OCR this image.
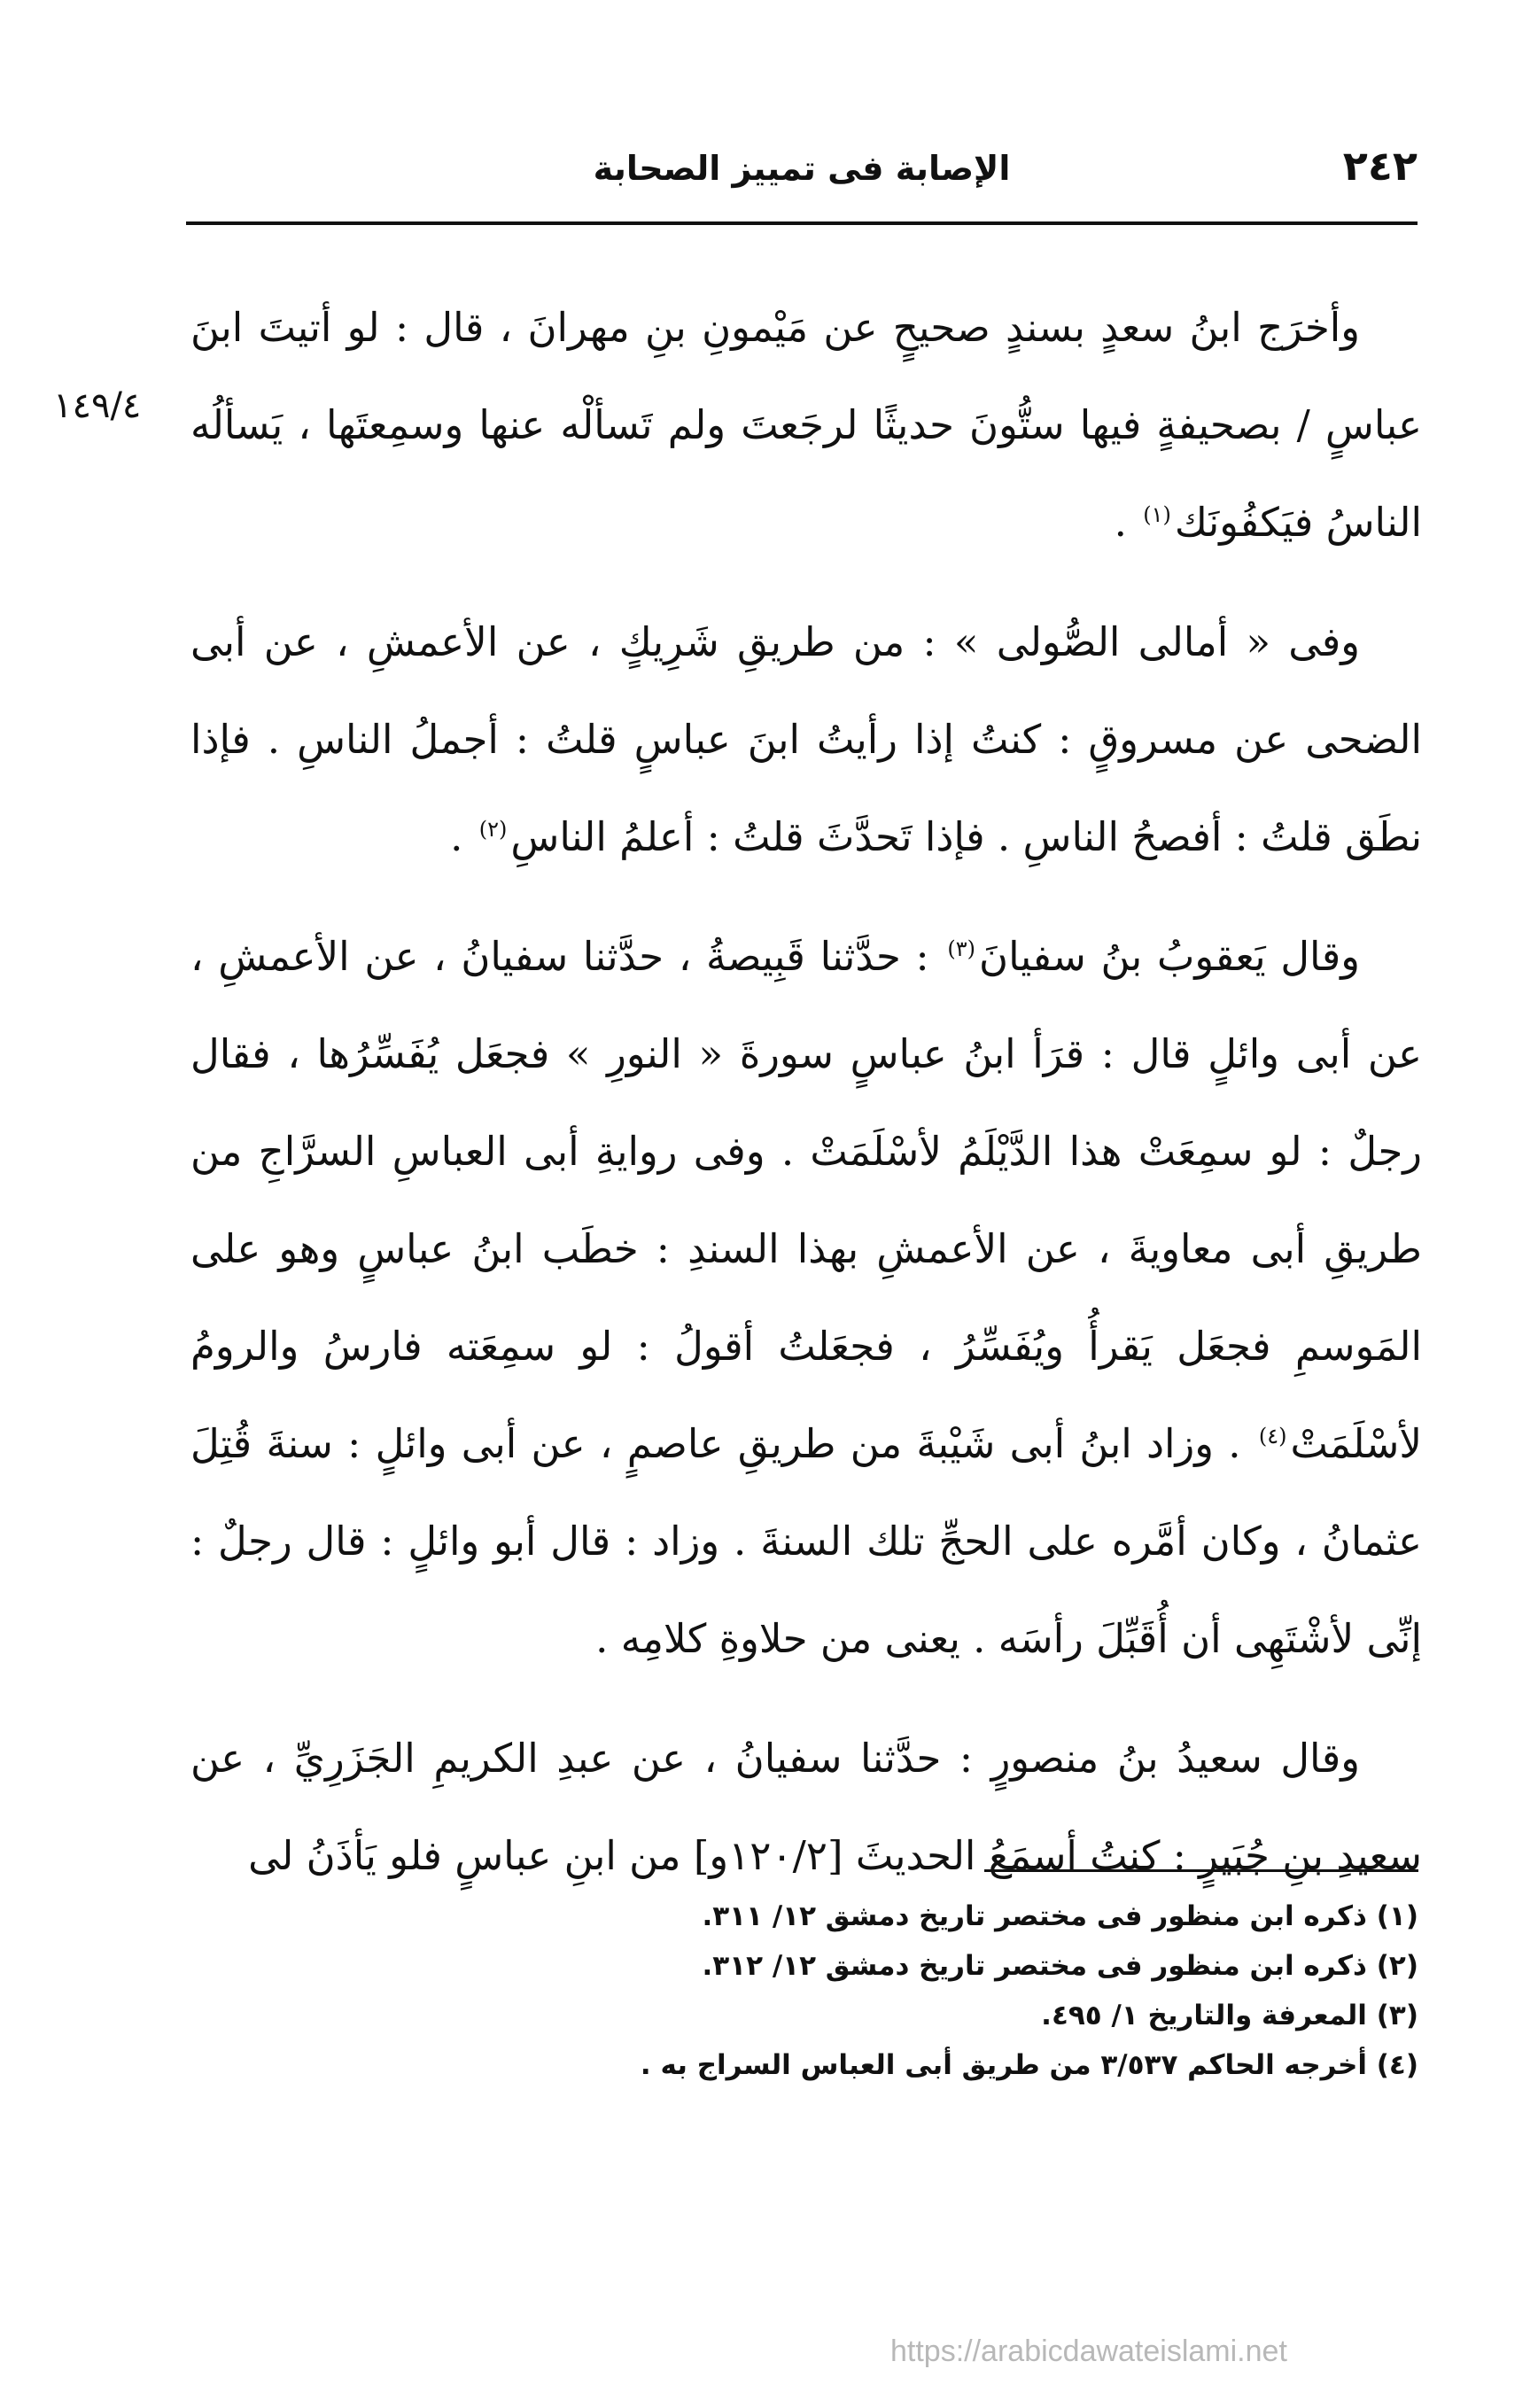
٢٤٢
الإصابة فى تمييز الصحابة
١٤٩/٤

وأخرَج ابنُ سعدٍ بسندٍ صحيحٍ عن مَيْمونِ بنِ مهرانَ ، قال : لو أتيتَ ابنَ عباسٍ / بصحيفةٍ فيها ستُّونَ حديثًا لرجَعتَ ولم تَسألْه عنها وسمِعتَها ، يَسألُه الناسُ فيَكفُونَك$^{(١)}$ .

وفى « أمالى الصُّولى » : من طريقِ شَرِيكٍ ، عن الأعمشِ ، عن أبى الضحى عن مسروقٍ : كنتُ إذا رأيتُ ابنَ عباسٍ قلتُ : أجملُ الناسِ . فإذا نطَق قلتُ : أفصحُ الناسِ . فإذا تَحدَّثَ قلتُ : أعلمُ الناسِ$^{(٢)}$ .

وقال يَعقوبُ بنُ سفيانَ$^{(٣)}$ : حدَّثنا قَبِيصةُ ، حدَّثنا سفيانُ ، عن الأعمشِ ، عن أبى وائلٍ قال : قرَأ ابنُ عباسٍ سورةَ « النورِ » فجعَل يُفَسِّرُها ، فقال رجلٌ : لو سمِعَتْ هذا الدَّيْلَمُ لأسْلَمَتْ . وفى روايةِ أبى العباسِ السرَّاجِ من طريقِ أبى معاويةَ ، عن الأعمشِ بهذا السندِ : خطَب ابنُ عباسٍ وهو على المَوسمِ فجعَل يَقرأُ ويُفَسِّرُ ، فجعَلتُ أقولُ : لو سمِعَته فارسُ والرومُ لأسْلَمَتْ$^{(٤)}$ . وزاد ابنُ أبى شَيْبةَ من طريقِ عاصمٍ ، عن أبى وائلٍ : سنةَ قُتِلَ عثمانُ ، وكان أمَّره على الحجِّ تلك السنةَ . وزاد : قال أبو وائلٍ : قال رجلٌ : إنِّى لأشْتَهِى أن أُقَبِّلَ رأسَه . يعنى من حلاوةِ كلامِه .

وقال سعيدُ بنُ منصورٍ : حدَّثنا سفيانُ ، عن عبدِ الكريمِ الجَزَرِيِّ ، عن سعيدِ بنِ جُبَيرٍ : كنتُ أسمَعُ الحديثَ [١٢٠/٢و] من ابنِ عباسٍ فلو يَأذَنُ لى

(١) ذكره ابن منظور فى مختصر تاريخ دمشق ١٢/ ٣١١.

(٢) ذكره ابن منظور فى مختصر تاريخ دمشق ١٢/ ٣١٢.

(٣) المعرفة والتاريخ ١/ ٤٩٥.

(٤) أخرجه الحاكم ٣/٥٣٧ من طريق أبى العباس السراج به .

https://arabicdawateislami.net
